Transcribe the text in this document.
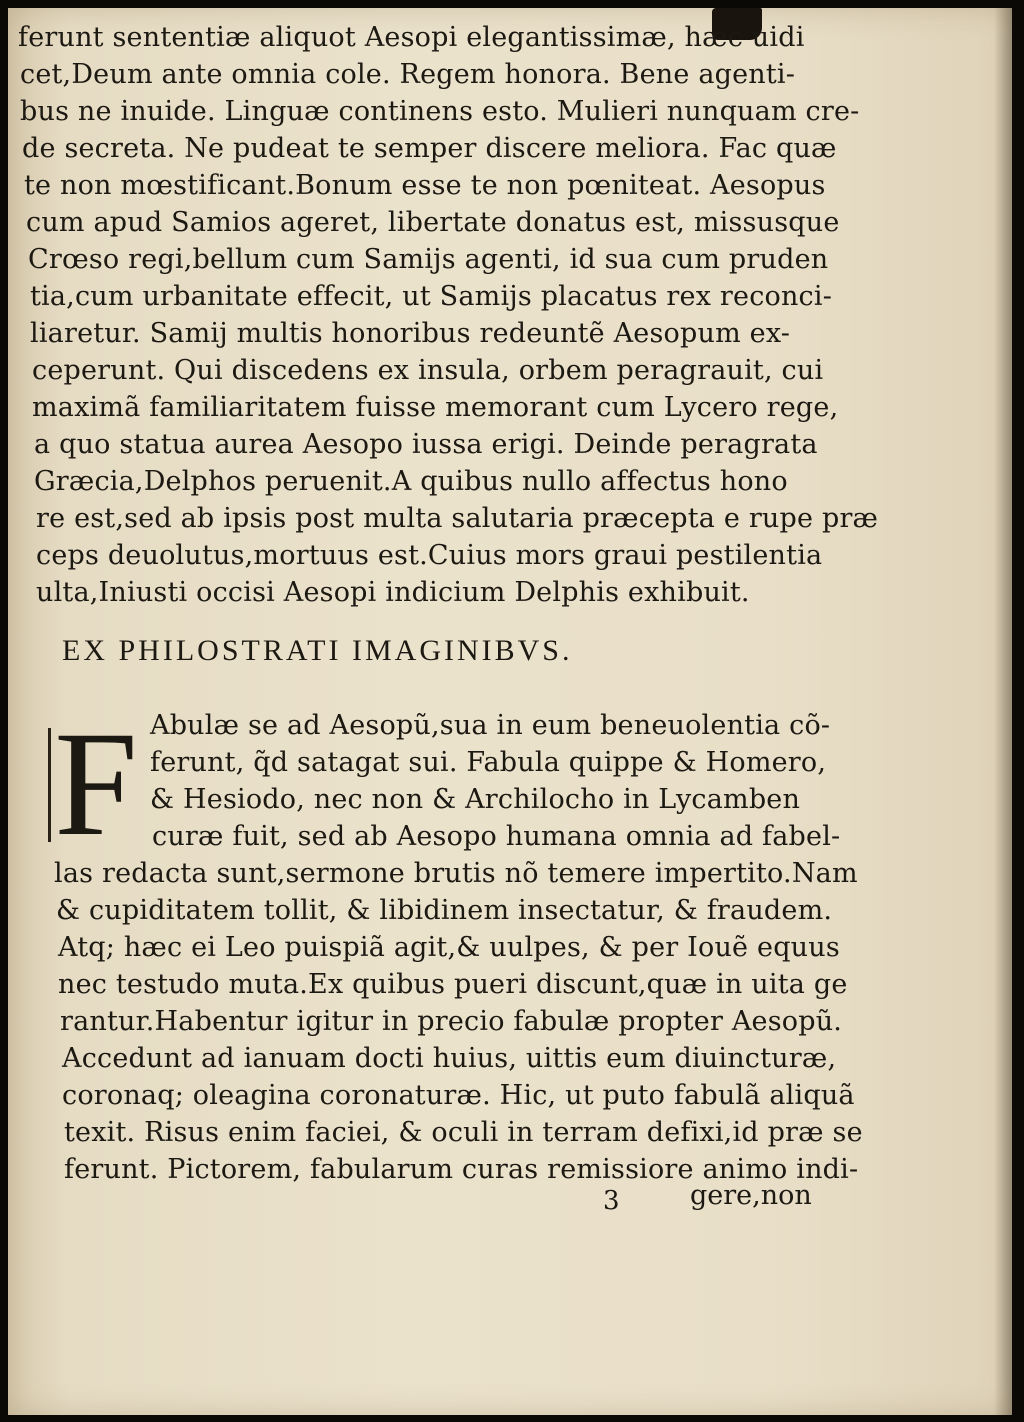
ferunt sententiæ aliquot Aesopi elegantissimæ, hæc uidi
cet,Deum ante omnia cole. Regem honora. Bene agenti-
bus ne inuide. Linguæ continens esto. Mulieri nunquam cre-
de secreta. Ne pudeat te semper discere meliora. Fac quæ
te non mœstificant.Bonum esse te non pœniteat. Aesopus
cum apud Samios ageret, libertate donatus est, missusque
Crœso regi,bellum cum Samijs agenti, id sua cum pruden
tia,cum urbanitate effecit, ut Samijs placatus rex reconci-
liaretur. Samij multis honoribus redeuntẽ Aesopum ex-
ceperunt. Qui discedens ex insula, orbem peragrauit, cui
maximã familiaritatem fuisse memorant cum Lycero rege,
a quo statua aurea Aesopo iussa erigi. Deinde peragrata
Græcia,Delphos peruenit.A quibus nullo affectus hono
re est,sed ab ipsis post multa salutaria præcepta e rupe præ
ceps deuolutus,mortuus est.Cuius mors graui pestilentia
ulta,Iniusti occisi Aesopi indicium Delphis exhibuit.
EX PHILOSTRATI IMAGINIBVS.
F Abulæ se ad Aesopũ,sua in eum beneuolentia cõ-
ferunt, q̃d satagat sui. Fabula quippe & Homero,
& Hesiodo, nec non & Archilocho in Lycamben
curæ fuit, sed ab Aesopo humana omnia ad fabel-
las redacta sunt,sermone brutis nõ temere impertito.Nam
& cupiditatem tollit, & libidinem insectatur, & fraudem.
Atq; hæc ei Leo puispiã agit,& uulpes, & per Iouẽ equus
nec testudo muta.Ex quibus pueri discunt,quæ in uita ge
rantur.Habentur igitur in precio fabulæ propter Aesopũ.
Accedunt ad ianuam docti huius, uittis eum diuincturæ,
coronaq; oleagina coronaturæ. Hic, ut puto fabulã aliquã
texit. Risus enim faciei, & oculi in terram defixi,id præ se
ferunt. Pictorem, fabularum curas remissiore animo indi-
3	gere,non
